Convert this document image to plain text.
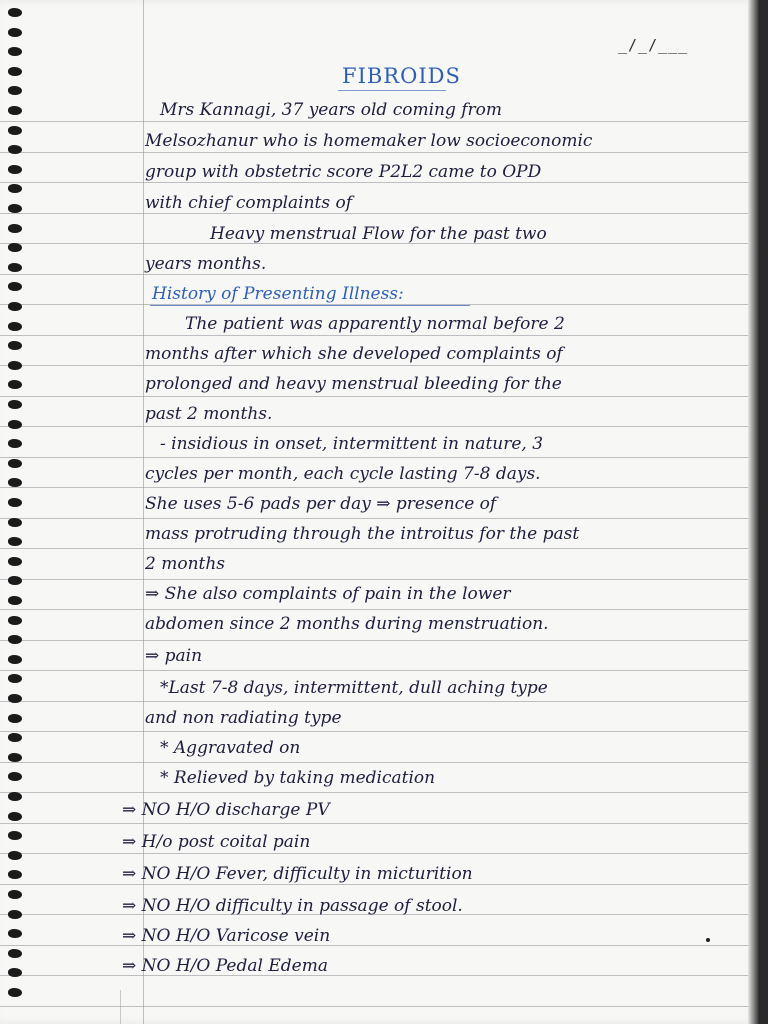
_/_/___
FIBROIDS
Mrs Kannagi, 37 years old coming from
Melsozhanur who is homemaker low socioeconomic
group with obstetric score P2L2 came to OPD
with chief complaints of
Heavy menstrual Flow for the past two
years months.
History of Presenting Illness:
The patient was apparently normal before 2
months after which she developed complaints of
prolonged and heavy menstrual bleeding for the
past 2 months.
- insidious in onset, intermittent in nature, 3
cycles per month, each cycle lasting 7-8 days.
She uses 5-6 pads per day ⇒ presence of
mass protruding through the introitus for the past
2 months
⇒ She also complaints of pain in the lower
abdomen since 2 months during menstruation.
⇒ pain
*Last 7-8 days, intermittent, dull aching type
and non radiating type
* Aggravated on
* Relieved by taking medication
⇒ NO H/O discharge PV
⇒ H/o post coital pain
⇒ NO H/O Fever, difficulty in micturition
⇒ NO H/O difficulty in passage of stool.
⇒ NO H/O Varicose vein
⇒ NO H/O Pedal Edema
